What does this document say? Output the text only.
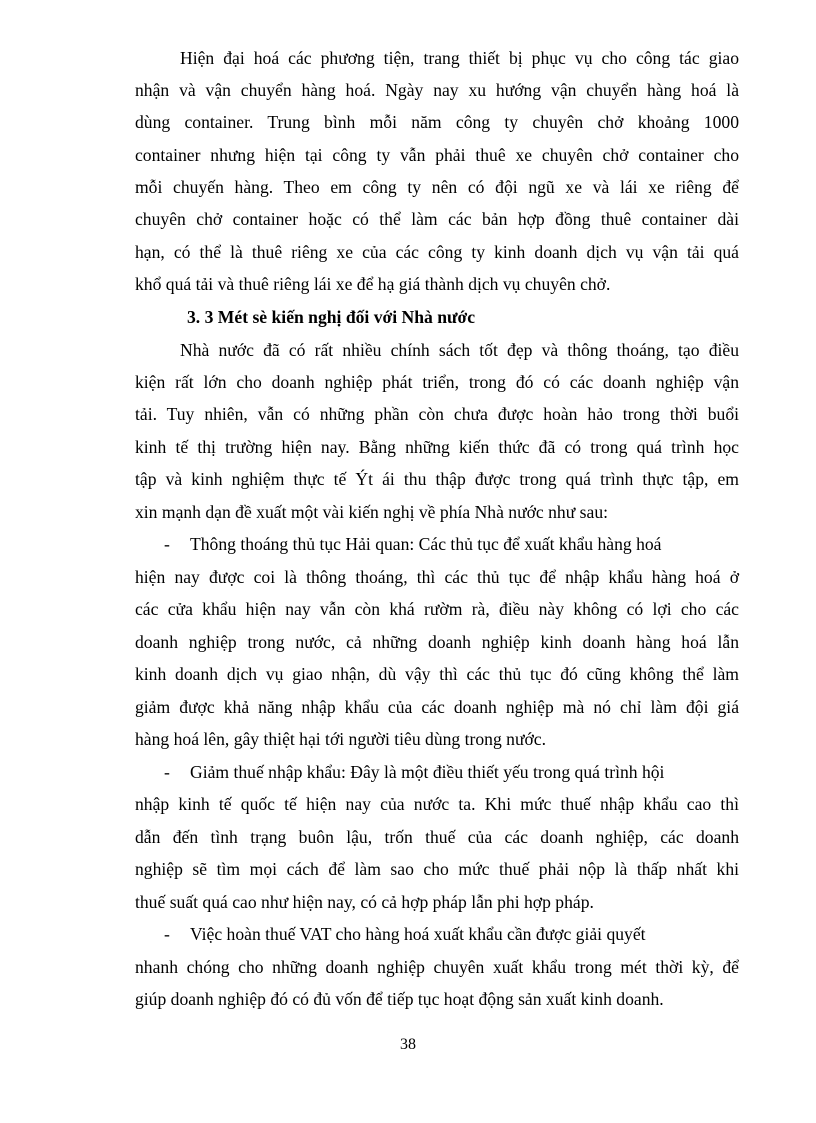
Hiện đại hoá các phương tiện, trang thiết bị phục vụ cho công tác giao
nhận và vận chuyển hàng hoá. Ngày nay xu hướng vận chuyển hàng hoá là
dùng container. Trung bình mỗi năm công ty chuyên chở khoảng 1000
container nhưng hiện tại công ty vẫn phải thuê xe chuyên chở container cho
mỗi chuyến hàng. Theo em công ty nên có đội ngũ xe và lái xe riêng để
chuyên chở container hoặc có thể làm các bản hợp đồng thuê container dài
hạn, có thể là thuê riêng xe của các công ty kinh doanh dịch vụ vận tải quá
khổ quá tải và thuê riêng lái xe để hạ giá thành dịch vụ chuyên chở.
3. 3 Mét sè kiến nghị đối với Nhà nước
Nhà nước đã có rất nhiều chính sách tốt đẹp và thông thoáng, tạo điều
kiện rất lớn cho doanh nghiệp phát triển, trong đó có các doanh nghiệp vận
tải. Tuy nhiên, vẫn có những phần còn chưa được hoàn hảo trong thời buổi
kinh tế thị trường hiện nay. Bằng những kiến thức đã có trong quá trình học
tập và kinh nghiệm thực tế Ýt ái thu thập được trong quá trình thực tập, em
xin mạnh dạn đề xuất một vài kiến nghị về phía Nhà nước như sau:
- Thông thoáng thủ tục Hải quan: Các thủ tục để xuất khẩu hàng hoá
hiện nay được coi là thông thoáng, thì các thủ tục để nhập khẩu hàng hoá ở
các cửa khẩu hiện nay vẫn còn khá rườm rà, điều này không có lợi cho các
doanh nghiệp trong nước, cả những doanh nghiệp kinh doanh hàng hoá lẫn
kinh doanh dịch vụ giao nhận, dù vậy thì các thủ tục đó cũng không thể làm
giảm được khả năng nhập khẩu của các doanh nghiệp mà nó chỉ làm đội giá
hàng hoá lên, gây thiệt hại tới người tiêu dùng trong nước.
- Giảm thuế nhập khẩu: Đây là một điều thiết yếu trong quá trình hội
nhập kinh tế quốc tế hiện nay của nước ta. Khi mức thuế nhập khẩu cao thì
dẫn đến tình trạng buôn lậu, trốn thuế của các doanh nghiệp, các doanh
nghiệp sẽ tìm mọi cách để làm sao cho mức thuế phải nộp là thấp nhất khi
thuế suất quá cao như hiện nay, có cả hợp pháp lẫn phi hợp pháp.
- Việc hoàn thuế VAT cho hàng hoá xuất khẩu cần được giải quyết
nhanh chóng cho những doanh nghiệp chuyên xuất khẩu trong mét thời kỳ, để
giúp doanh nghiệp đó có đủ vốn để tiếp tục hoạt động sản xuất kinh doanh.
38
